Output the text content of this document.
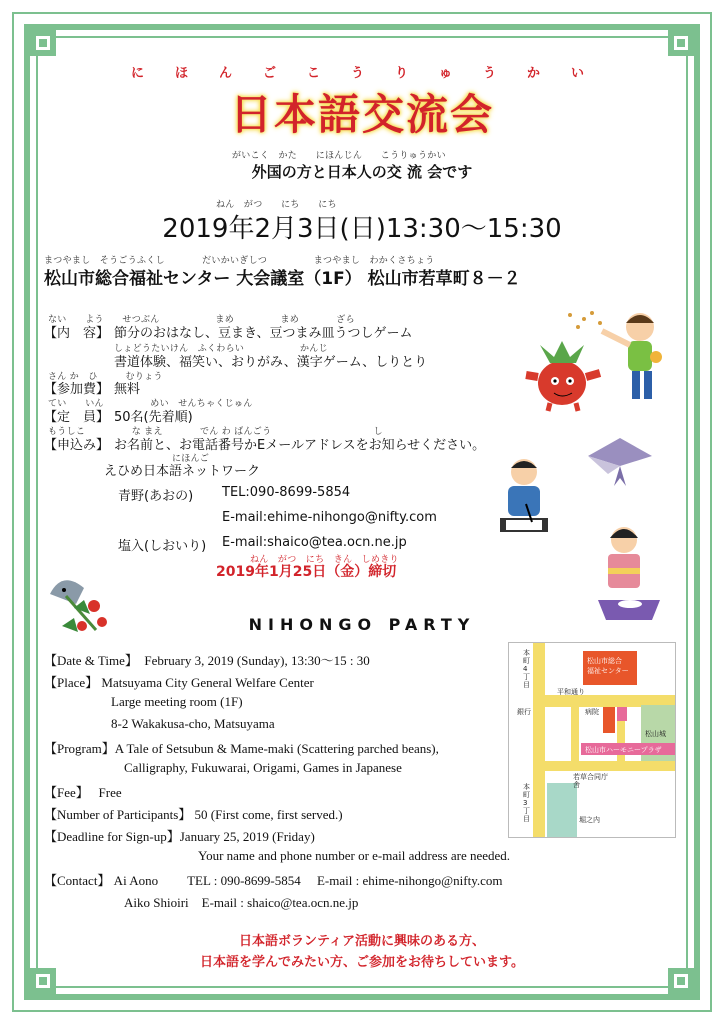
に　ほ　ん　ご　こ　う　り　ゅ　う　か　い
日本語交流会
がいこく　かた　　にほんじん　　こうりゅうかい
外国の方と日本人の交 流 会です
ねん　がつ　　にち　　にち
2019年2月3日(日)13:30〜15:30
まつやまし　そうごうふくし　　　　だいかいぎしつ　　　　　まつやまし　わかくさちょう
松山市総合福祉センター 大会議室（1F） 松山市若草町８－２
ない　　よう　　せつぶん　　　　　　まめ　　　　　まめ　　　　ざら
【内　容】 節分のおはなし、豆まき、豆つまみ皿うつしゲーム
しょどうたいけん　ふくわらい　　　　　　かんじ
書道体験、福笑い、おりがみ、漢字ゲーム、しりとり
さん か　ひ　　　むりょう
【参加費】 無料
てい　　いん　　　　　めい　せんちゃくじゅん
【定　員】 50名(先着順)
もうしこ　　　　　な まえ　　　　でん わ ばんごう　　　　　　　　　　　し
【申込み】 お名前と、お電話番号かEメールアドレスをお知らせください。
にほんご
えひめ日本語ネットワーク
青野(あおの) TEL:090-8699-5854
E-mail:ehime-nihongo@nifty.com
塩入(しおいり) E-mail:shaico@tea.ocn.ne.jp
ねん　がつ　にち　きん　しめきり
2019年1月25日（金）締切
NIHONGO PARTY
【Date & Time】　February 3, 2019 (Sunday), 13:30〜15 : 30
【Place】 Matsuyama City General Welfare Center
Large meeting room (1F)
8-2 Wakakusa-cho, Matsuyama
【Program】A Tale of Setsubun & Mame-maki (Scattering parched beans),
Calligraphy, Fukuwarai, Origami, Games in Japanese
【Fee】　 Free
【Number of Participants】 50 (First come, first served.)
【Deadline for Sign-up】January 25, 2019 (Friday)
Your name and phone number or e-mail address are needed.
【Contact】 Ai Aono　　 TEL : 090-8699-5854　 E-mail : ehime-nihongo@nifty.com
Aiko Shioiri　E-mail : shaico@tea.ocn.ne.jp
松山市総合
福祉センター
松山市ハーモニープラザ
本町4丁目
本町3丁目
平和通り
銀行	病院
松山城
若草合同庁舎
堀之内
日本語ボランティア活動に興味のある方、
日本語を学んでみたい方、ご参加をお待ちしています。
